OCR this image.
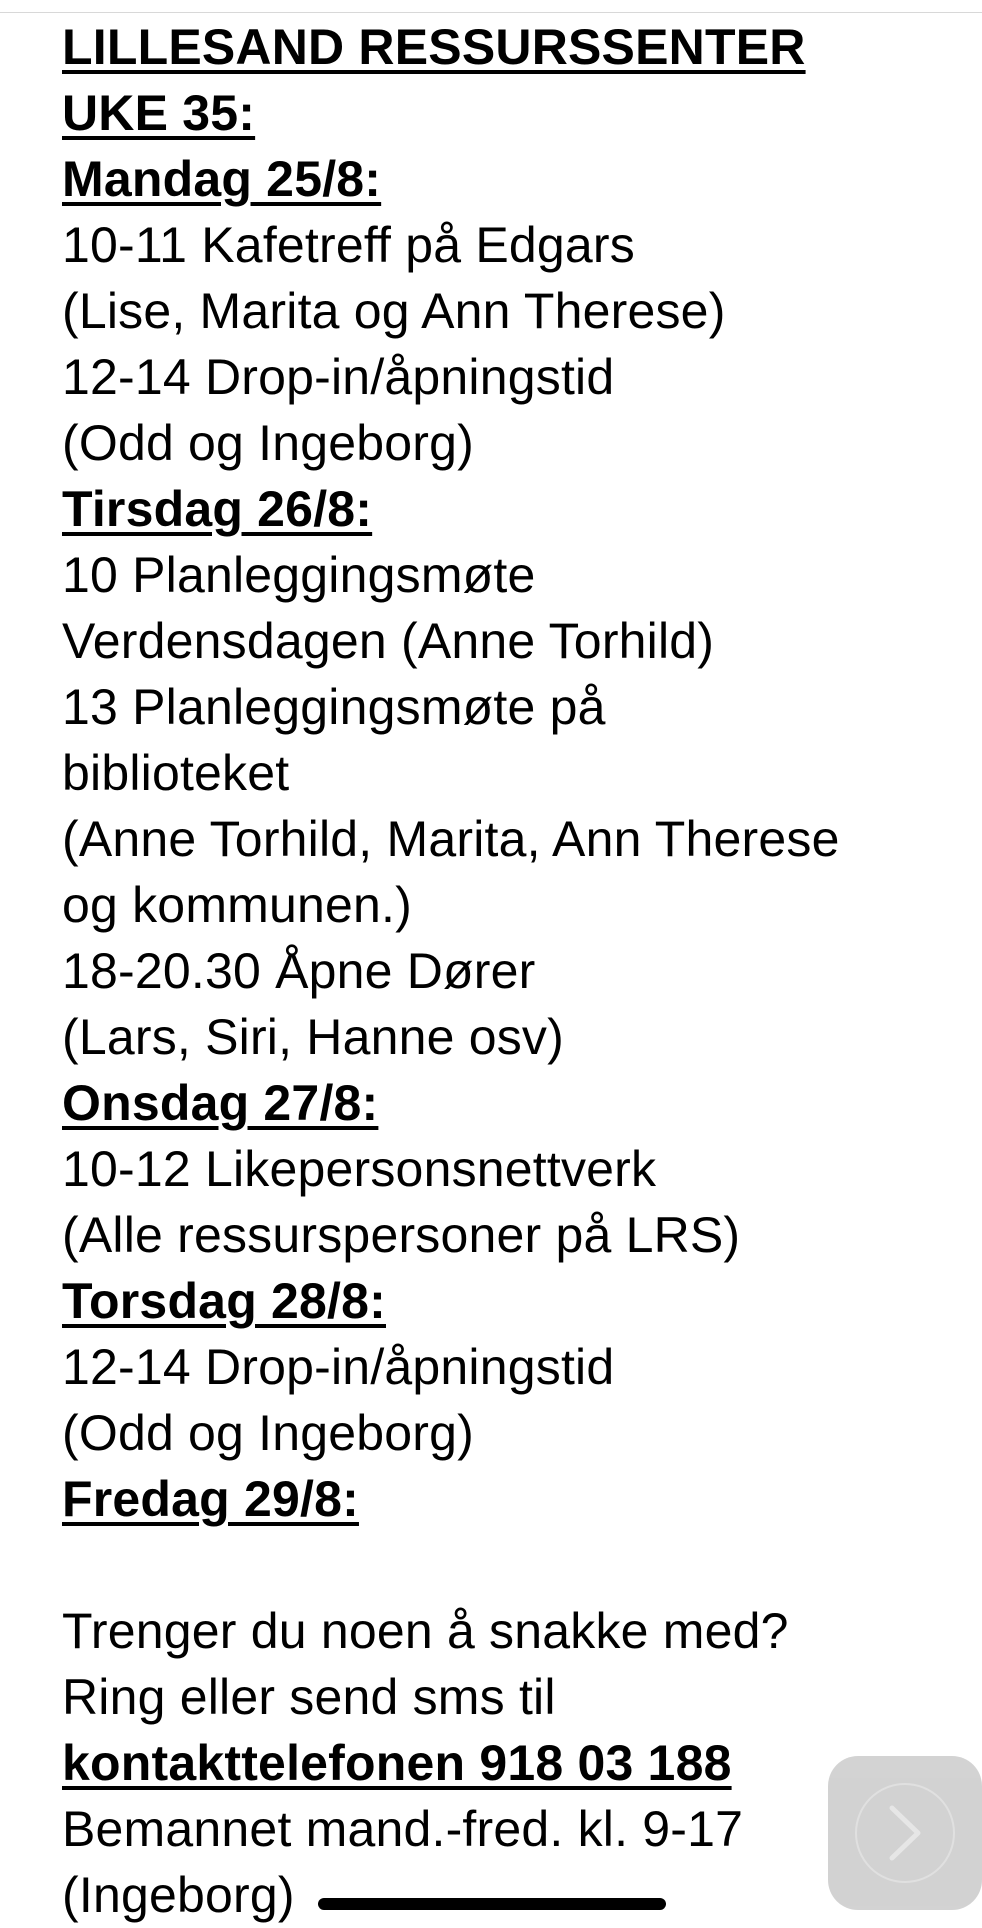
LILLESAND RESSURSSENTER
UKE 35:
Mandag 25/8:
10-11 Kafetreff på Edgars
(Lise, Marita og Ann Therese)
12-14 Drop-in/åpningstid
(Odd og Ingeborg)
Tirsdag 26/8:
10 Planleggingsmøte
Verdensdagen (Anne Torhild)
13 Planleggingsmøte på
biblioteket
(Anne Torhild, Marita, Ann Therese
og kommunen.)
18-20.30 Åpne Dører
(Lars, Siri, Hanne osv)
Onsdag 27/8:
10-12 Likepersonsnettverk
(Alle ressurspersoner på LRS)
Torsdag 28/8:
12-14 Drop-in/åpningstid
(Odd og Ingeborg)
Fredag 29/8:
Trenger du noen å snakke med?
Ring eller send sms til
kontakttelefonen 918 03 188
Bemannet mand.-fred. kl. 9-17
(Ingeborg)
